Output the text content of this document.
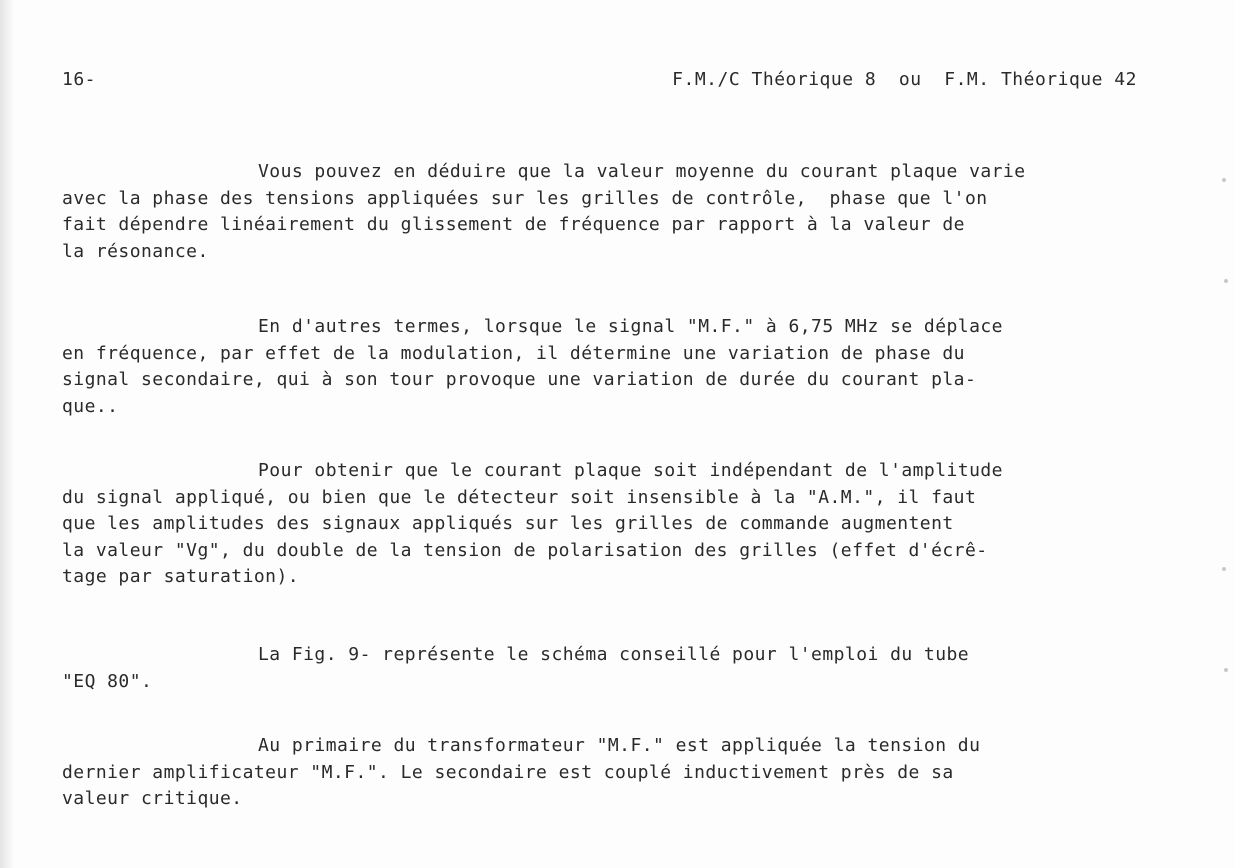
16-	F.M./C Théorique 8  ou  F.M. Théorique 42
Vous pouvez en déduire que la valeur moyenne du courant plaque varie
avec la phase des tensions appliquées sur les grilles de contrôle,  phase que l'on
fait dépendre linéairement du glissement de fréquence par rapport à la valeur de
la résonance.
En d'autres termes, lorsque le signal "M.F." à 6,75 MHz se déplace
en fréquence, par effet de la modulation, il détermine une variation de phase du
signal secondaire, qui à son tour provoque une variation de durée du courant pla-
que..
Pour obtenir que le courant plaque soit indépendant de l'amplitude
du signal appliqué, ou bien que le détecteur soit insensible à la "A.M.", il faut
que les amplitudes des signaux appliqués sur les grilles de commande augmentent
la valeur "Vg", du double de la tension de polarisation des grilles (effet d'écrê-
tage par saturation).
La Fig. 9- représente le schéma conseillé pour l'emploi du tube
"EQ 80".
Au primaire du transformateur "M.F." est appliquée la tension du
dernier amplificateur "M.F.". Le secondaire est couplé inductivement près de sa
valeur critique.
